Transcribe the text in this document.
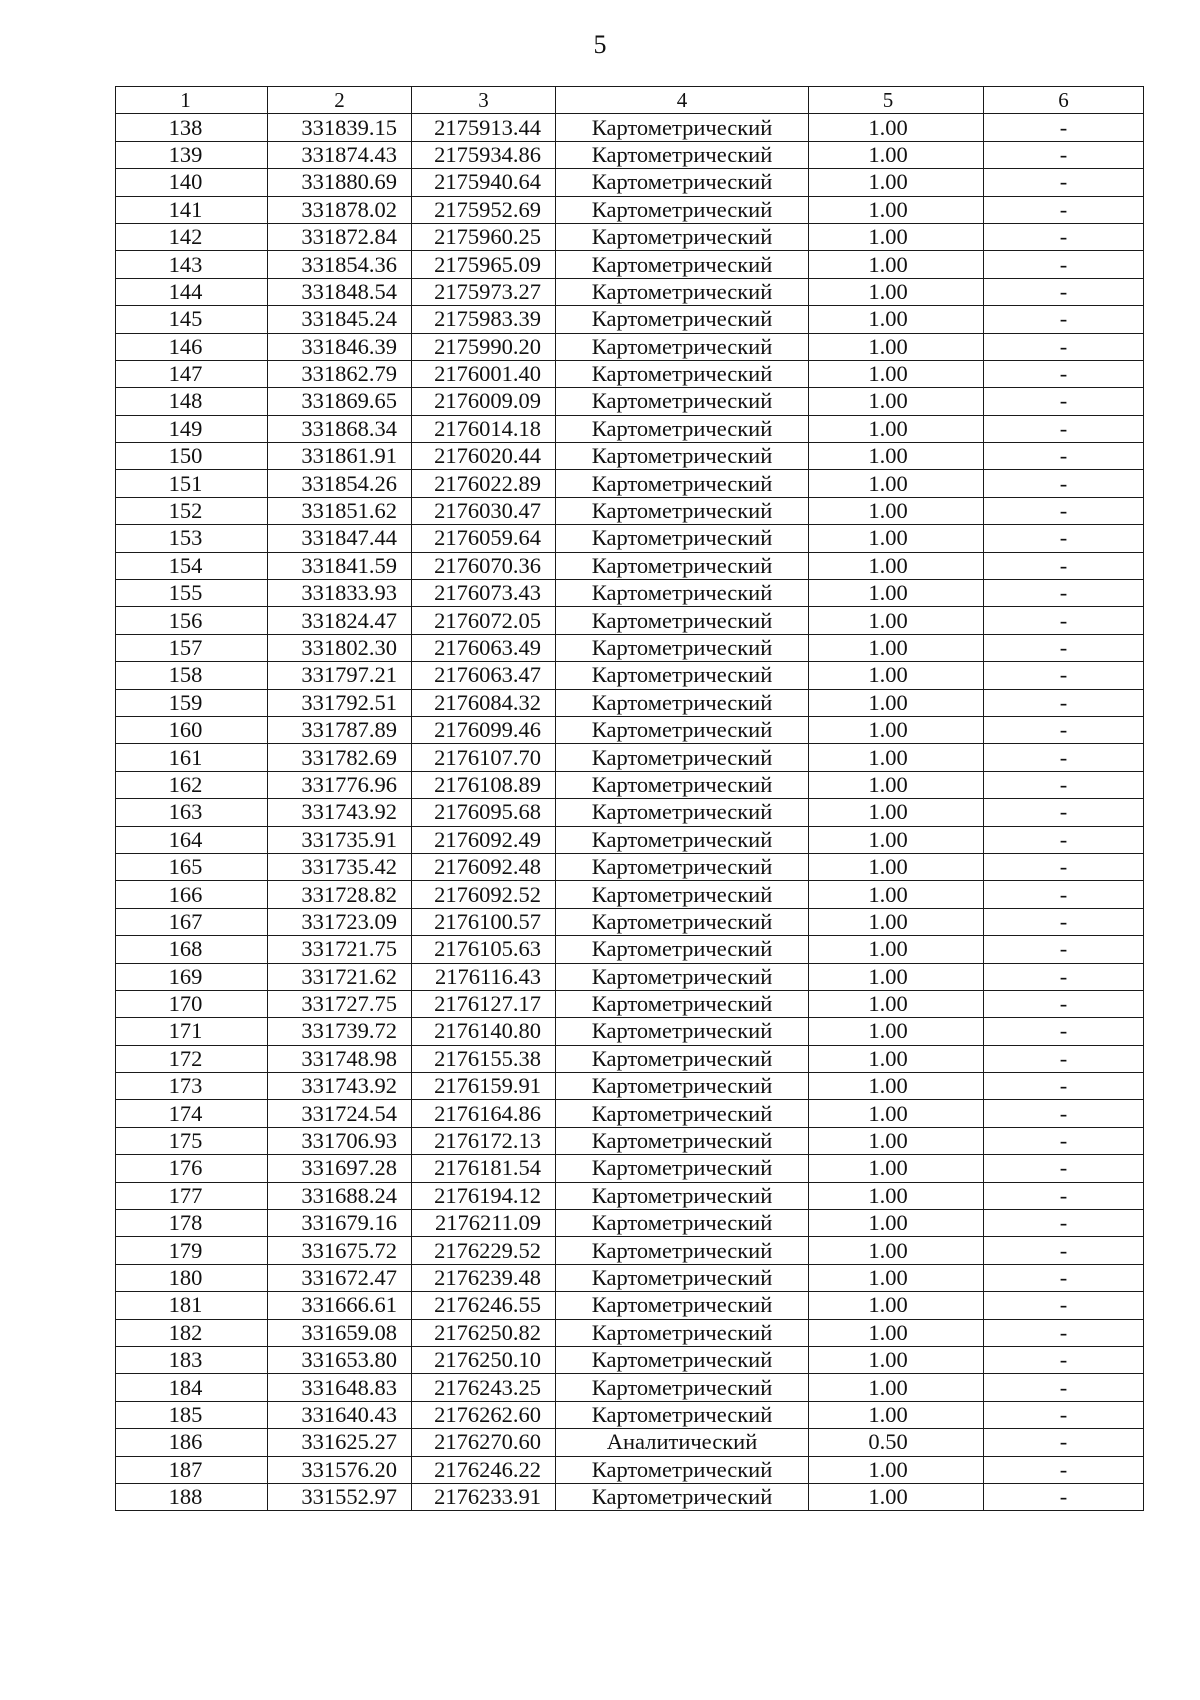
5
1	2	3	4	5	6
138	331839.15	2175913.44	Картометрический	1.00	-
139	331874.43	2175934.86	Картометрический	1.00	-
140	331880.69	2175940.64	Картометрический	1.00	-
141	331878.02	2175952.69	Картометрический	1.00	-
142	331872.84	2175960.25	Картометрический	1.00	-
143	331854.36	2175965.09	Картометрический	1.00	-
144	331848.54	2175973.27	Картометрический	1.00	-
145	331845.24	2175983.39	Картометрический	1.00	-
146	331846.39	2175990.20	Картометрический	1.00	-
147	331862.79	2176001.40	Картометрический	1.00	-
148	331869.65	2176009.09	Картометрический	1.00	-
149	331868.34	2176014.18	Картометрический	1.00	-
150	331861.91	2176020.44	Картометрический	1.00	-
151	331854.26	2176022.89	Картометрический	1.00	-
152	331851.62	2176030.47	Картометрический	1.00	-
153	331847.44	2176059.64	Картометрический	1.00	-
154	331841.59	2176070.36	Картометрический	1.00	-
155	331833.93	2176073.43	Картометрический	1.00	-
156	331824.47	2176072.05	Картометрический	1.00	-
157	331802.30	2176063.49	Картометрический	1.00	-
158	331797.21	2176063.47	Картометрический	1.00	-
159	331792.51	2176084.32	Картометрический	1.00	-
160	331787.89	2176099.46	Картометрический	1.00	-
161	331782.69	2176107.70	Картометрический	1.00	-
162	331776.96	2176108.89	Картометрический	1.00	-
163	331743.92	2176095.68	Картометрический	1.00	-
164	331735.91	2176092.49	Картометрический	1.00	-
165	331735.42	2176092.48	Картометрический	1.00	-
166	331728.82	2176092.52	Картометрический	1.00	-
167	331723.09	2176100.57	Картометрический	1.00	-
168	331721.75	2176105.63	Картометрический	1.00	-
169	331721.62	2176116.43	Картометрический	1.00	-
170	331727.75	2176127.17	Картометрический	1.00	-
171	331739.72	2176140.80	Картометрический	1.00	-
172	331748.98	2176155.38	Картометрический	1.00	-
173	331743.92	2176159.91	Картометрический	1.00	-
174	331724.54	2176164.86	Картометрический	1.00	-
175	331706.93	2176172.13	Картометрический	1.00	-
176	331697.28	2176181.54	Картометрический	1.00	-
177	331688.24	2176194.12	Картометрический	1.00	-
178	331679.16	2176211.09	Картометрический	1.00	-
179	331675.72	2176229.52	Картометрический	1.00	-
180	331672.47	2176239.48	Картометрический	1.00	-
181	331666.61	2176246.55	Картометрический	1.00	-
182	331659.08	2176250.82	Картометрический	1.00	-
183	331653.80	2176250.10	Картометрический	1.00	-
184	331648.83	2176243.25	Картометрический	1.00	-
185	331640.43	2176262.60	Картометрический	1.00	-
186	331625.27	2176270.60	Аналитический	0.50	-
187	331576.20	2176246.22	Картометрический	1.00	-
188	331552.97	2176233.91	Картометрический	1.00	-
